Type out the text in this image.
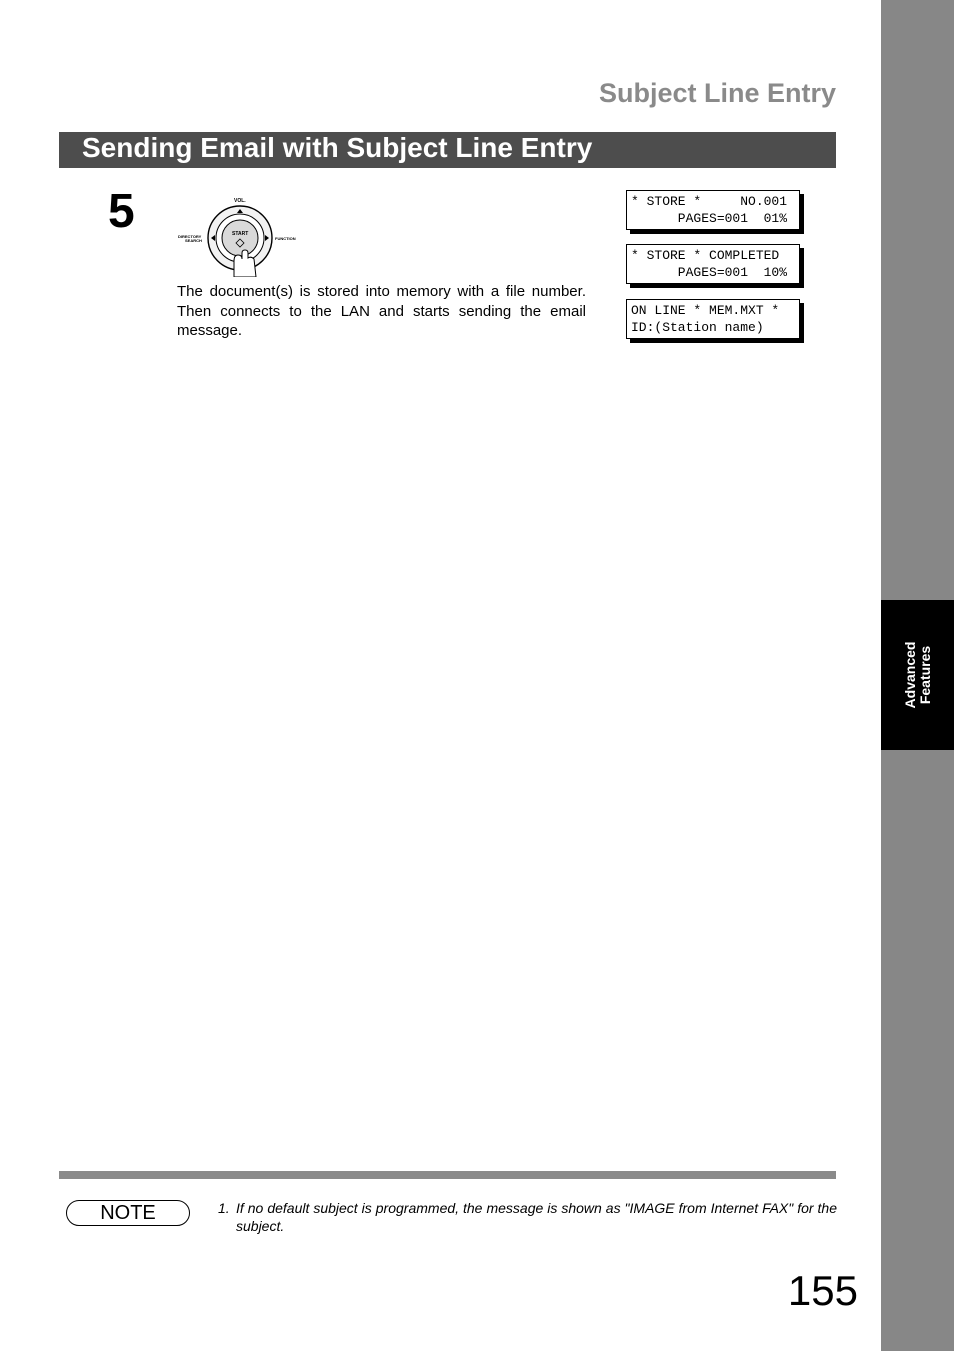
Advanced Features
Subject Line Entry
Sending Email with Subject Line Entry
5	VOL.
DIRECTORY
SEARCH	FUNCTION
START
The document(s) is stored into memory with a file number. Then connects to the LAN and starts sending the email message.
* STORE *     NO.001
PAGES=001  01%
* STORE * COMPLETED
PAGES=001  10%
ON LINE * MEM.MXT *
ID:(Station name)
NOTE	1. If no default subject is programmed, the message is shown as "IMAGE from Internet FAX" for the subject.
155
